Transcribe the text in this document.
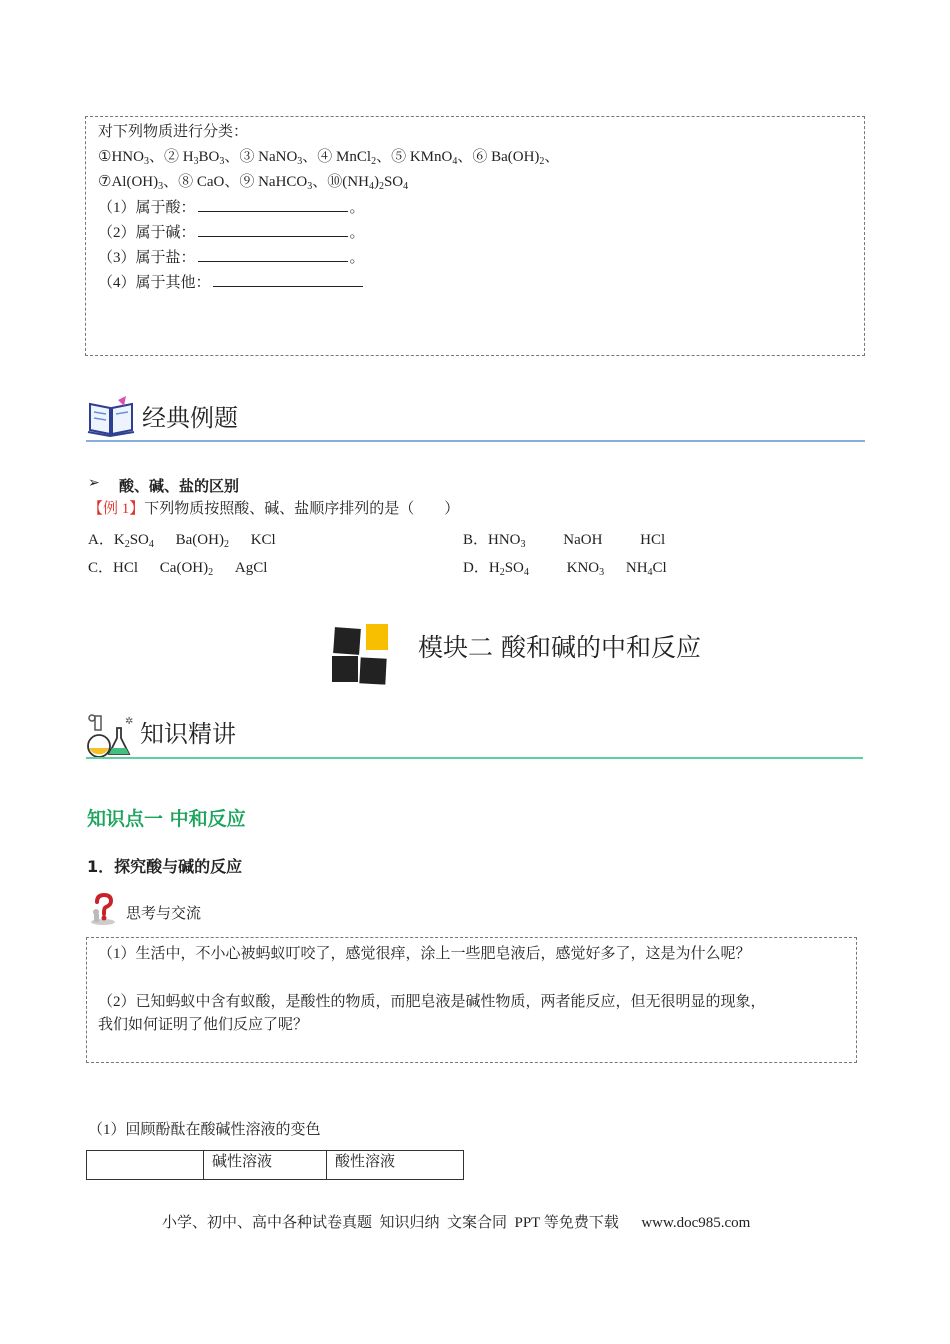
对下列物质进行分类：
$①HNO_3$、② $H_3BO_3$、③ NaNO$_3$、④ MnCl$_2$、⑤ KMnO$_4$、⑥ $Ba(OH)_2$、
$⑦Al(OH)_3$、⑧ CaO、⑨ NaHCO$_3$、$⑩(NH_4)_2SO_4$
（1）属于酸：	。
（2）属于碱：	。
（3）属于盐：	。
（4）属于其他：
经典例题
➢ 酸、碱、盐的区别
【例 1】下列物质按照酸、碱、盐顺序排列的是（　　）
A．$K_2SO_4$ $Ba(OH)_2$ KCl	B．$HNO_3$	NaOH	HCl
C．HCl $Ca(OH)_2$ AgCl	D．$H_2SO_4$	$KNO_3$ $NH_4Cl$
模块二 酸和碱的中和反应
✲ 知识精讲
知识点一 中和反应
1．探究酸与碱的反应
思考与交流
（1）生活中，不小心被蚂蚁叮咬了，感觉很痒，涂上一些肥皂液后，感觉好多了，这是为什么呢？
（2）已知蚂蚁中含有蚁酸，是酸性的物质，而肥皂液是碱性物质，两者能反应，但无很明显的现象，
我们如何证明了他们反应了呢？
（1）回顾酚酞在酸碱性溶液的变色
	碱性溶液	酸性溶液
小学、初中、高中各种试卷真题  知识归纳  文案合同  PPT 等免费下载      www.doc985.com
